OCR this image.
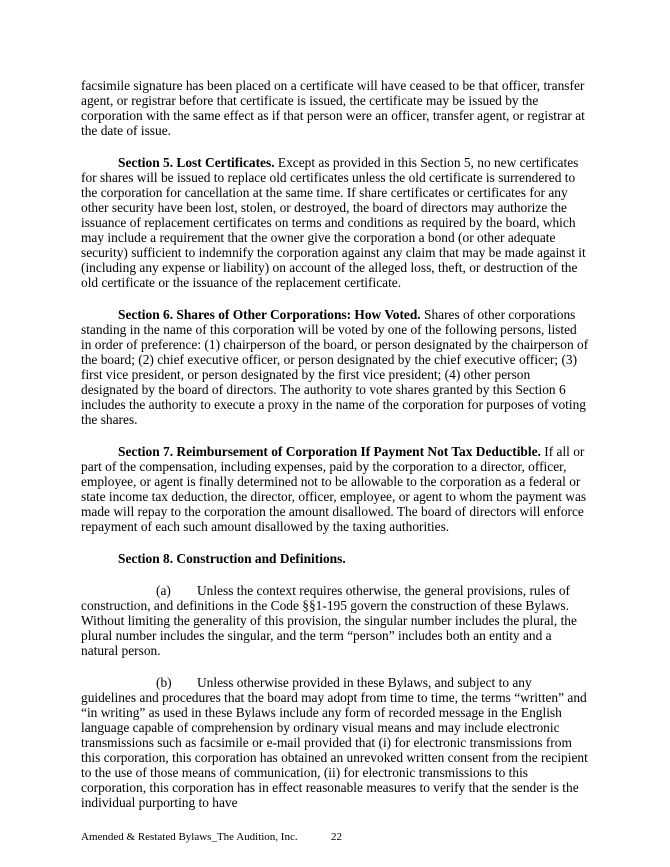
facsimile signature has been placed on a certificate will have ceased to be that officer, transfer agent, or registrar before that certificate is issued, the certificate may be issued by the corporation with the same effect as if that person were an officer, transfer agent, or registrar at the date of issue.

Section 5. Lost Certificates. Except as provided in this Section 5, no new certificates for shares will be issued to replace old certificates unless the old certificate is surrendered to the corporation for cancellation at the same time. If share certificates or certificates for any other security have been lost, stolen, or destroyed, the board of directors may authorize the issuance of replacement certificates on terms and conditions as required by the board, which may include a requirement that the owner give the corporation a bond (or other adequate security) sufficient to indemnify the corporation against any claim that may be made against it (including any expense or liability) on account of the alleged loss, theft, or destruction of the old certificate or the issuance of the replacement certificate.

Section 6. Shares of Other Corporations: How Voted. Shares of other corporations standing in the name of this corporation will be voted by one of the following persons, listed in order of preference: (1) chairperson of the board, or person designated by the chairperson of the board; (2) chief executive officer, or person designated by the chief executive officer; (3) first vice president, or person designated by the first vice president; (4) other person designated by the board of directors. The authority to vote shares granted by this Section 6 includes the authority to execute a proxy in the name of the corporation for purposes of voting the shares.

Section 7. Reimbursement of Corporation If Payment Not Tax Deductible. If all or part of the compensation, including expenses, paid by the corporation to a director, officer, employee, or agent is finally determined not to be allowable to the corporation as a federal or state income tax deduction, the director, officer, employee, or agent to whom the payment was made will repay to the corporation the amount disallowed. The board of directors will enforce repayment of each such amount disallowed by the taxing authorities.

Section 8. Construction and Definitions.

(a) Unless the context requires otherwise, the general provisions, rules of construction, and definitions in the Code §§1-195 govern the construction of these Bylaws. Without limiting the generality of this provision, the singular number includes the plural, the plural number includes the singular, and the term “person” includes both an entity and a natural person.

(b) Unless otherwise provided in these Bylaws, and subject to any guidelines and procedures that the board may adopt from time to time, the terms “written” and “in writing” as used in these Bylaws include any form of recorded message in the English language capable of comprehension by ordinary visual means and may include electronic transmissions such as facsimile or e-mail provided that (i) for electronic transmissions from this corporation, this corporation has obtained an unrevoked written consent from the recipient to the use of those means of communication, (ii) for electronic transmissions to this corporation, this corporation has in effect reasonable measures to verify that the sender is the individual purporting to have

Amended & Restated Bylaws_The Audition, Inc.	22
